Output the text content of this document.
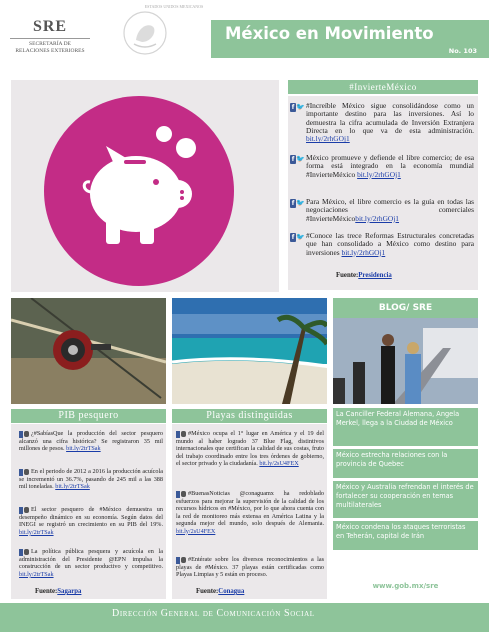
SRE
SECRETARÍA DE
RELACIONES EXTERIORES
ESTADOS UNIDOS MEXICANOS
México en Movimiento
No. 103
#InvierteMéxico
f 🐦 #Increíble México sigue consolidándose como un importante destino para las inversiones. Así lo demuestra la cifra acumulada de Inversión Extranjera Directa en lo que va de esta administración. bit.ly/2rhGOj1
f 🐦 México promueve y defiende el libre comercio; de esa forma está integrado en la economía mundial #InvierteMéxico bit.ly/2rhGOj1
f 🐦 Para México, el libre comercio es la guía en todas las negociaciones comerciales #InvierteMéxicobit.ly/2rhGOj1
f 🐦 #Conoce las trece Reformas Estructurales concretadas que han consolidado a México como destino para inversiones bit.ly/2rhGOj1
Fuente:Presidencia
BLOG/ SRE
PIB pesquero
¿#SabíasQue la producción del sector pesquero alcanzó una cifra histórica? Se registraron 35 mil millones de pesos. bit.ly/2trTSak
En el periodo de 2012 a 2016 la producción acuícola se incrementó un 36.7%, pasando de 245 mil a las 388 mil toneladas. bit.ly/2trTSak
El sector pesquero de #México demuestra un desempeño dinámico en su economía. Según datos del INEGI se registró un crecimiento en su PIB del 19%. bit.ly/2trTSak
La política pública pesquera y acuícola en la administración del Presidente @EPN impulsa la construcción de un sector productivo y competitivo. bit.ly/2trTSak
Fuente:Sagarpa
Playas distinguidas
#México ocupa el 1° lugar en América y el 19 del mundo al haber logrado 37 Blue Flag, distintivos internacionales que certifican la calidad de sus costas, fruto del trabajo coordinado entre los tres órdenes de gobierno, el sector privado y la ciudadanía. bit.ly/2sU4FEX
#BuenasNoticias @conaguamx ha redoblado esfuerzos para mejorar la supervisión de la calidad de los recursos hídricos en #México, por lo que ahora cuenta con la red de monitoreo más extensa en América Latina y la segunda mejor del mundo, solo después de Alemania. bit.ly/2sU4FEX
#Entérate sobre los diversos reconocimientos a las playas de #México. 37 playas están certificadas como Playas Limpias y 5 están en proceso.
Fuente:Conagua
La Canciller Federal Alemana, Angela Merkel, llega a la Ciudad de México
México estrecha relaciones con la provincia de Quebec
México y Australia refrendan el interés de fortalecer su cooperación en temas multilaterales
México condena los ataques terroristas en Teherán, capital de Irán
www.gob.mx/sre
Dirección General de Comunicación Social
